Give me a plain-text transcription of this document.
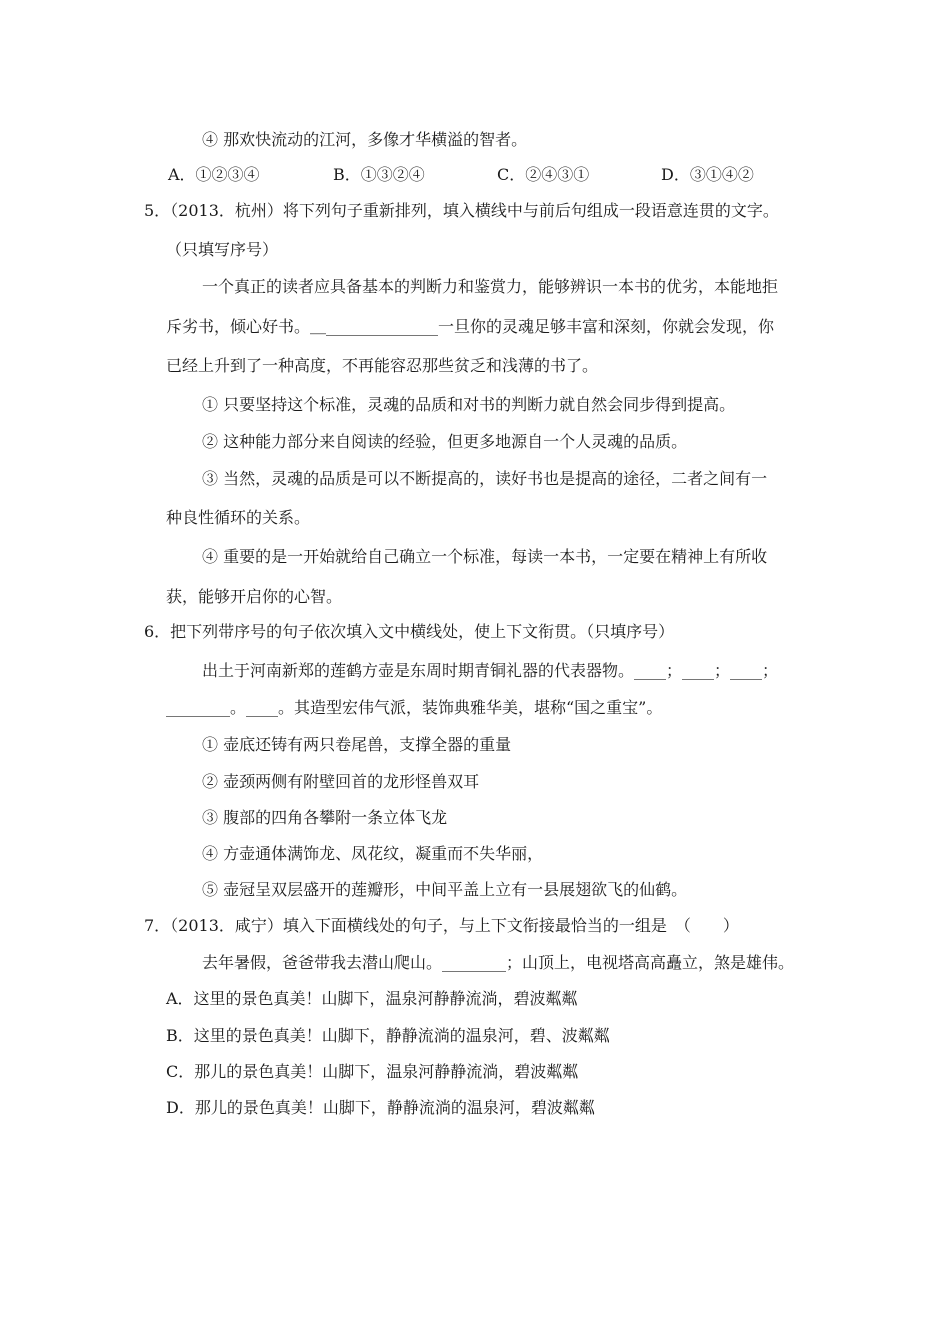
④ 那欢快流动的江河，多像才华横溢的智者。
A．①②③④	B．①③②④	C．②④③①	D．③①④②
5．（2013．杭州）将下列句子重新排列，填入横线中与前后句组成一段语意连贯的文字。
（只填写序号）
一个真正的读者应具备基本的判断力和鉴赏力，能够辨识一本书的优劣，本能地拒
斥劣书，倾心好书。＿______________一旦你的灵魂足够丰富和深刻，你就会发现，你
已经上升到了一种高度，不再能容忍那些贫乏和浅薄的书了。
① 只要坚持这个标准，灵魂的品质和对书的判断力就自然会同步得到提高。
② 这种能力部分来自阅读的经验，但更多地源自一个人灵魂的品质。
③ 当然，灵魂的品质是可以不断提高的，读好书也是提高的途径，二者之间有一
种良性循环的关系。
④ 重要的是一开始就给自己确立一个标准，每读一本书，一定要在精神上有所收
获，能够开启你的心智。
6．把下列带序号的句子依次填入文中横线处，使上下文衔贯。（只填序号）
出土于河南新郑的莲鹤方壶是东周时期青铜礼器的代表器物。____；____；____；
________。____。其造型宏伟气派，装饰典雅华美，堪称“国之重宝”。
① 壶底还铸有两只卷尾兽，支撑全器的重量
② 壶颈两侧有附壁回首的龙形怪兽双耳
③ 腹部的四角各攀附一条立体飞龙
④ 方壶通体满饰龙、凤花纹，凝重而不失华丽，
⑤ 壶冠呈双层盛开的莲瓣形，中间平盖上立有一县展翅欲飞的仙鹤。
7．（2013．咸宁）填入下面横线处的句子，与上下文衔接最恰当的一组是　（　　）
去年暑假，爸爸带我去潜山爬山。________；山顶上，电视塔高高矗立，煞是雄伟。
A．这里的景色真美！山脚下，温泉河静静流淌，碧波粼粼
B．这里的景色真美！山脚下，静静流淌的温泉河，碧、波粼粼
C．那儿的景色真美！山脚下，温泉河静静流淌，碧波粼粼
D．那儿的景色真美！山脚下，静静流淌的温泉河，碧波粼粼
